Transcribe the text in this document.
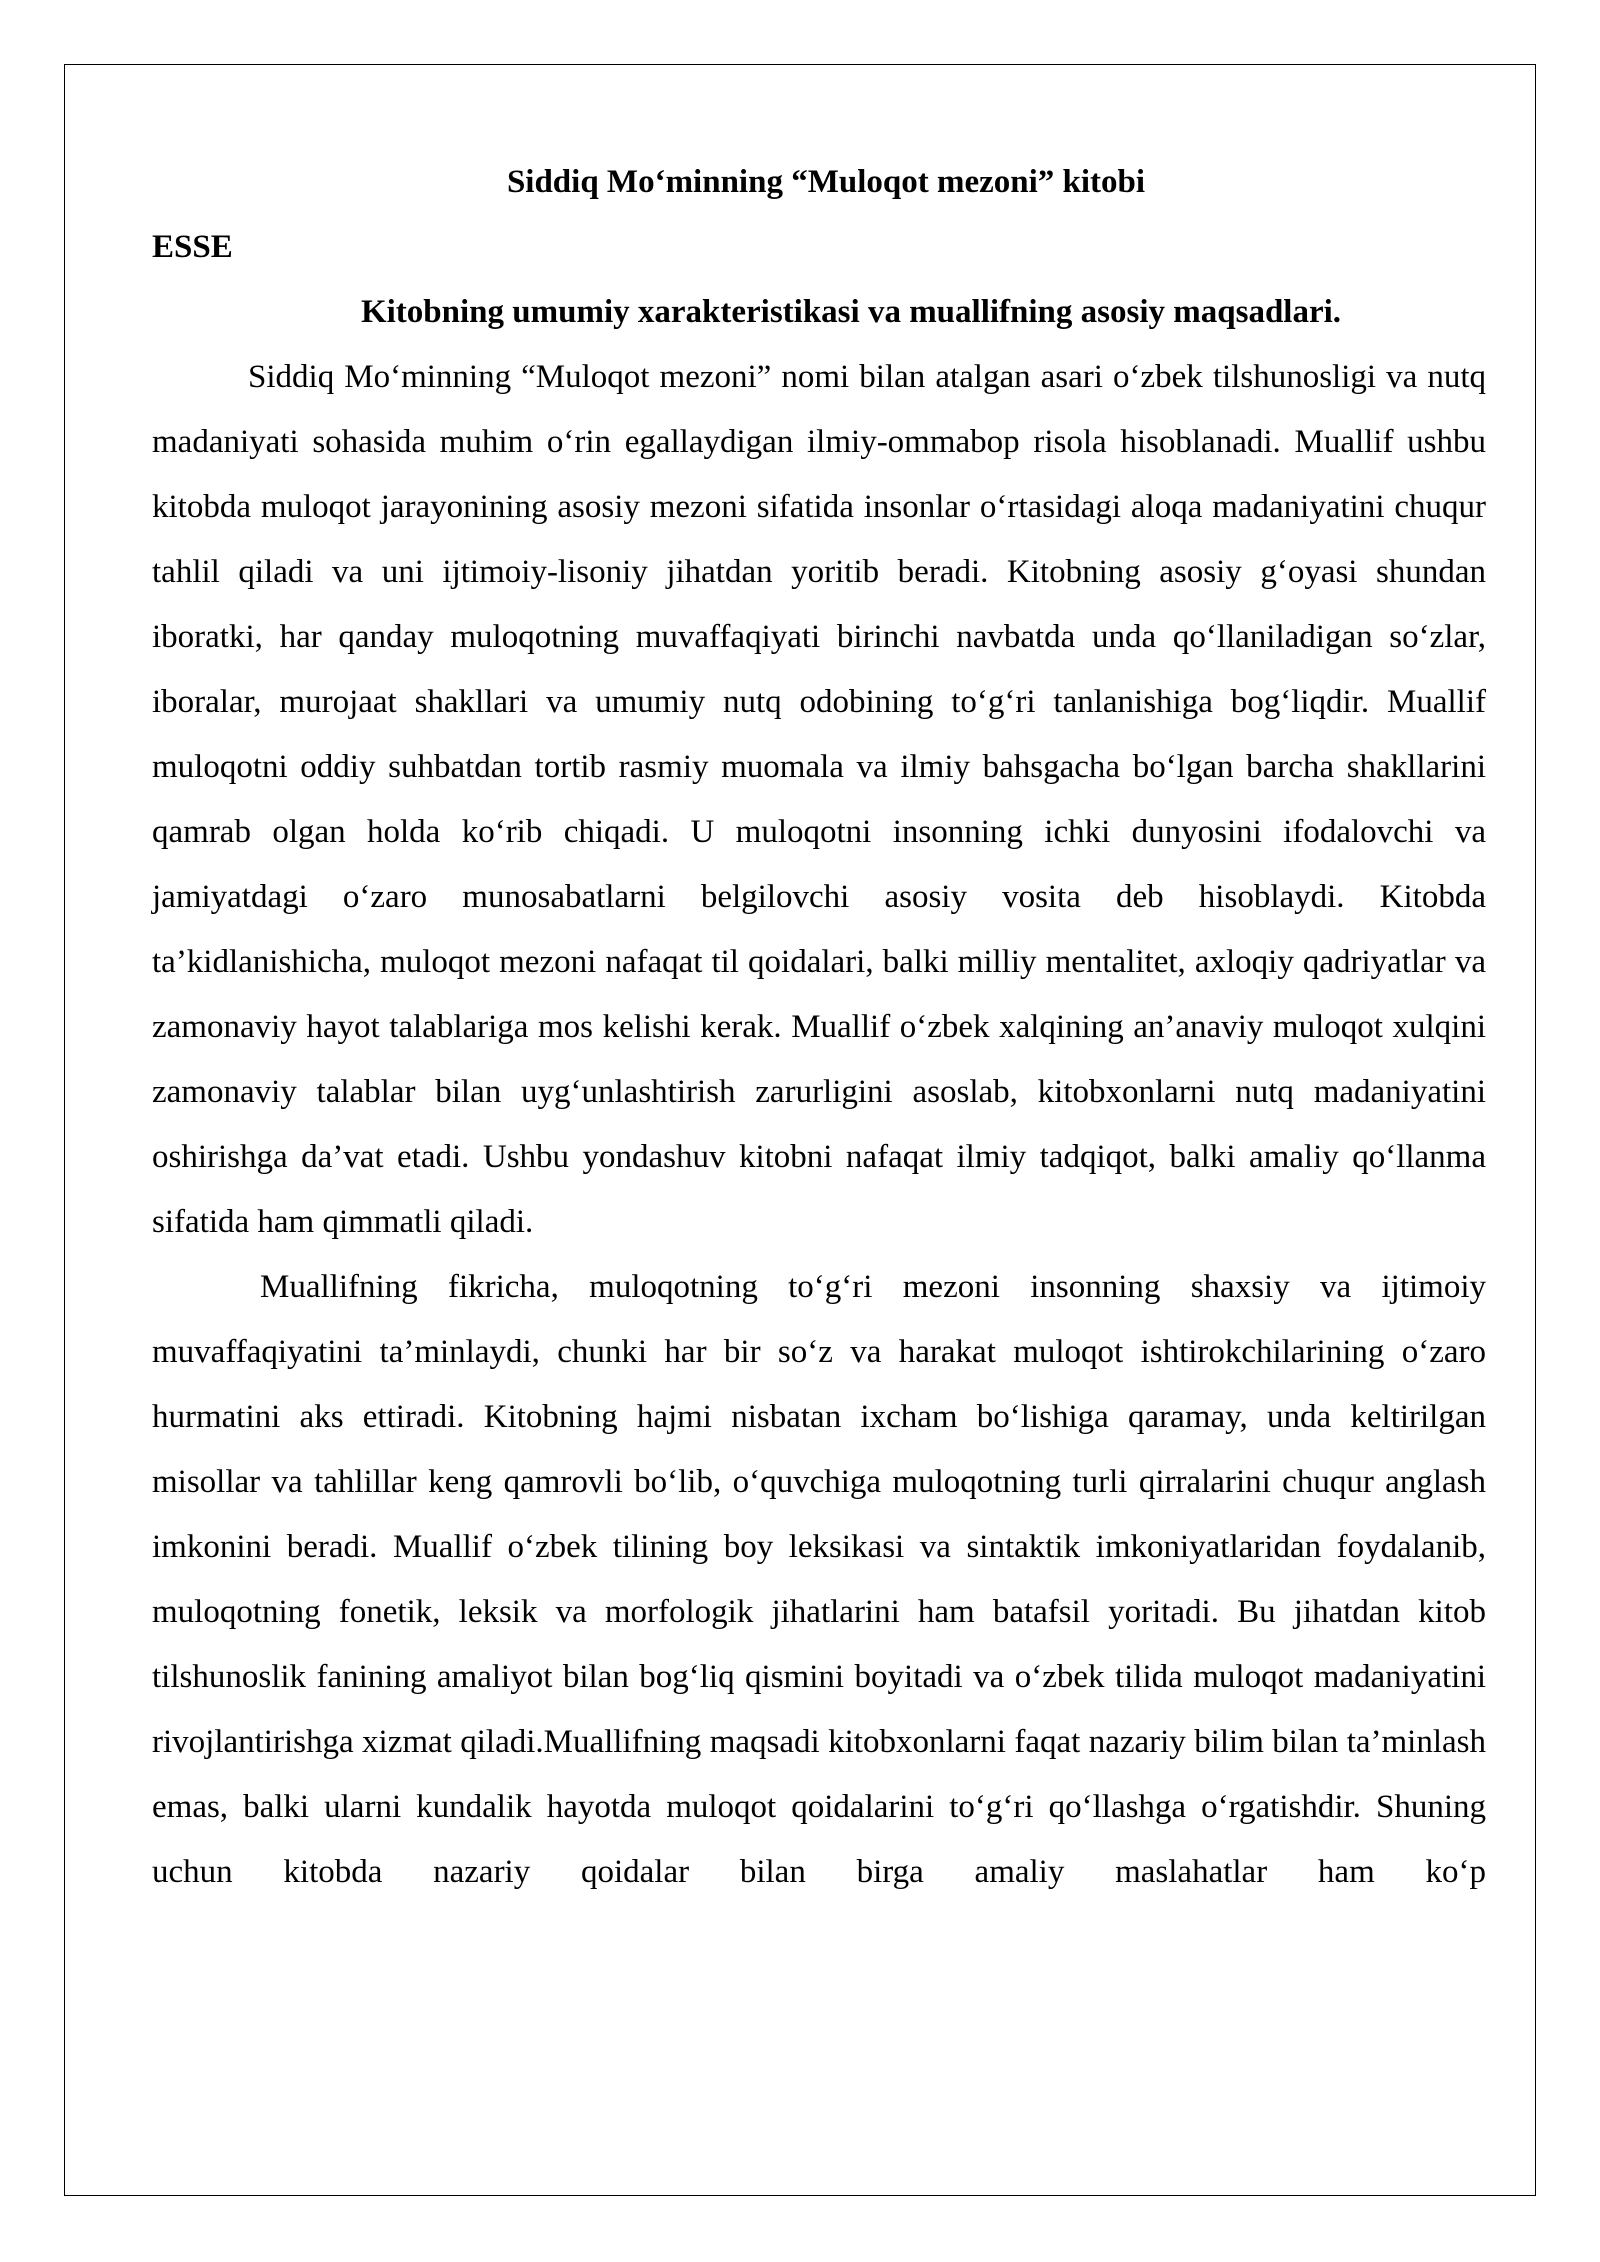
Siddiq Mo‘minning “Muloqot mezoni” kitobi

ESSE

Kitobning umumiy xarakteristikasi va muallifning asosiy maqsadlari.

Siddiq Mo‘minning “Muloqot mezoni” nomi bilan atalgan asari o‘zbek tilshunosligi va nutq madaniyati sohasida muhim o‘rin egallaydigan ilmiy-ommabop risola hisoblanadi. Muallif ushbu kitobda muloqot jarayonining asosiy mezoni sifatida insonlar o‘rtasidagi aloqa madaniyatini chuqur tahlil qiladi va uni ijtimoiy-lisoniy jihatdan yoritib beradi. Kitobning asosiy g‘oyasi shundan iboratki, har qanday muloqotning muvaffaqiyati birinchi navbatda unda qo‘llaniladigan so‘zlar, iboralar, murojaat shakllari va umumiy nutq odobining to‘g‘ri tanlanishiga bog‘liqdir. Muallif muloqotni oddiy suhbatdan tortib rasmiy muomala va ilmiy bahsgacha bo‘lgan barcha shakllarini qamrab olgan holda ko‘rib chiqadi. U muloqotni insonning ichki dunyosini ifodalovchi va jamiyatdagi o‘zaro munosabatlarni belgilovchi asosiy vosita deb hisoblaydi. Kitobda ta’kidlanishicha, muloqot mezoni nafaqat til qoidalari, balki milliy mentalitet, axloqiy qadriyatlar va zamonaviy hayot talablariga mos kelishi kerak. Muallif o‘zbek xalqining an’anaviy muloqot xulqini zamonaviy talablar bilan uyg‘unlashtirish zarurligini asoslab, kitobxonlarni nutq madaniyatini oshirishga da’vat etadi. Ushbu yondashuv kitobni nafaqat ilmiy tadqiqot, balki amaliy qo‘llanma sifatida ham qimmatli qiladi.

Muallifning fikricha, muloqotning to‘g‘ri mezoni insonning shaxsiy va ijtimoiy muvaffaqiyatini ta’minlaydi, chunki har bir so‘z va harakat muloqot ishtirokchilarining o‘zaro hurmatini aks ettiradi. Kitobning hajmi nisbatan ixcham bo‘lishiga qaramay, unda keltirilgan misollar va tahlillar keng qamrovli bo‘lib, o‘quvchiga muloqotning turli qirralarini chuqur anglash imkonini beradi. Muallif o‘zbek tilining boy leksikasi va sintaktik imkoniyatlaridan foydalanib, muloqotning fonetik, leksik va morfologik jihatlarini ham batafsil yoritadi. Bu jihatdan kitob tilshunoslik fanining amaliyot bilan bog‘liq qismini boyitadi va o‘zbek tilida muloqot madaniyatini rivojlantirishga xizmat qiladi.Muallifning maqsadi kitobxonlarni faqat nazariy bilim bilan ta’minlash emas, balki ularni kundalik hayotda muloqot qoidalarini to‘g‘ri qo‘llashga o‘rgatishdir. Shuning uchun kitobda nazariy qoidalar bilan birga amaliy maslahatlar ham ko‘p
